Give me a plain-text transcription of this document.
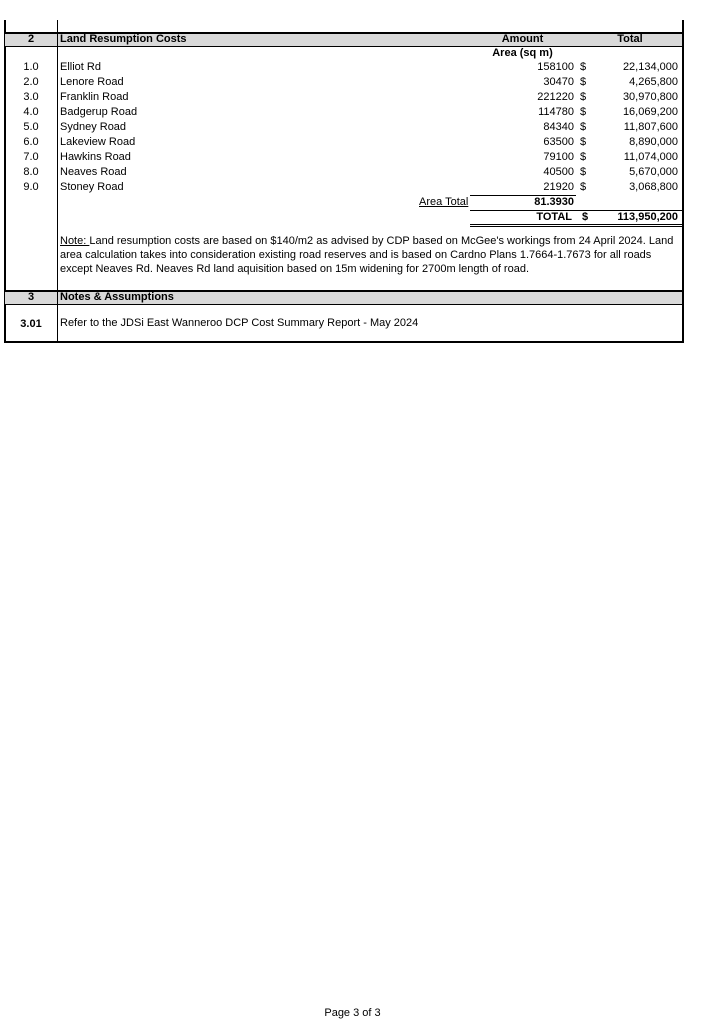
2	Land Resumption Costs	Amount	Total
Area (sq m)
1.0	Elliot Rd	158100 $	22,134,000
2.0	Lenore Road	30470 $	4,265,800
3.0	Franklin Road	221220 $	30,970,800
4.0	Badgerup Road	114780 $	16,069,200
5.0	Sydney Road	84340 $	11,807,600
6.0	Lakeview Road	63500 $	8,890,000
7.0	Hawkins Road	79100 $	11,074,000
8.0	Neaves Road	40500 $	5,670,000
9.0	Stoney Road	21920 $	3,068,800
Area Total	81.3930
TOTAL $	113,950,200
Note: Land resumption costs are based on $140/m2 as advised by CDP based on McGee's workings from 24 April 2024. Land area calculation takes into consideration existing road reserves and is based on Cardno Plans 1.7664-1.7673 for all roads except Neaves Rd. Neaves Rd land aquisition based on 15m widening for 2700m length of road.
3	Notes & Assumptions
3.01	Refer to the JDSi East Wanneroo DCP Cost Summary Report - May 2024
Page 3 of 3
